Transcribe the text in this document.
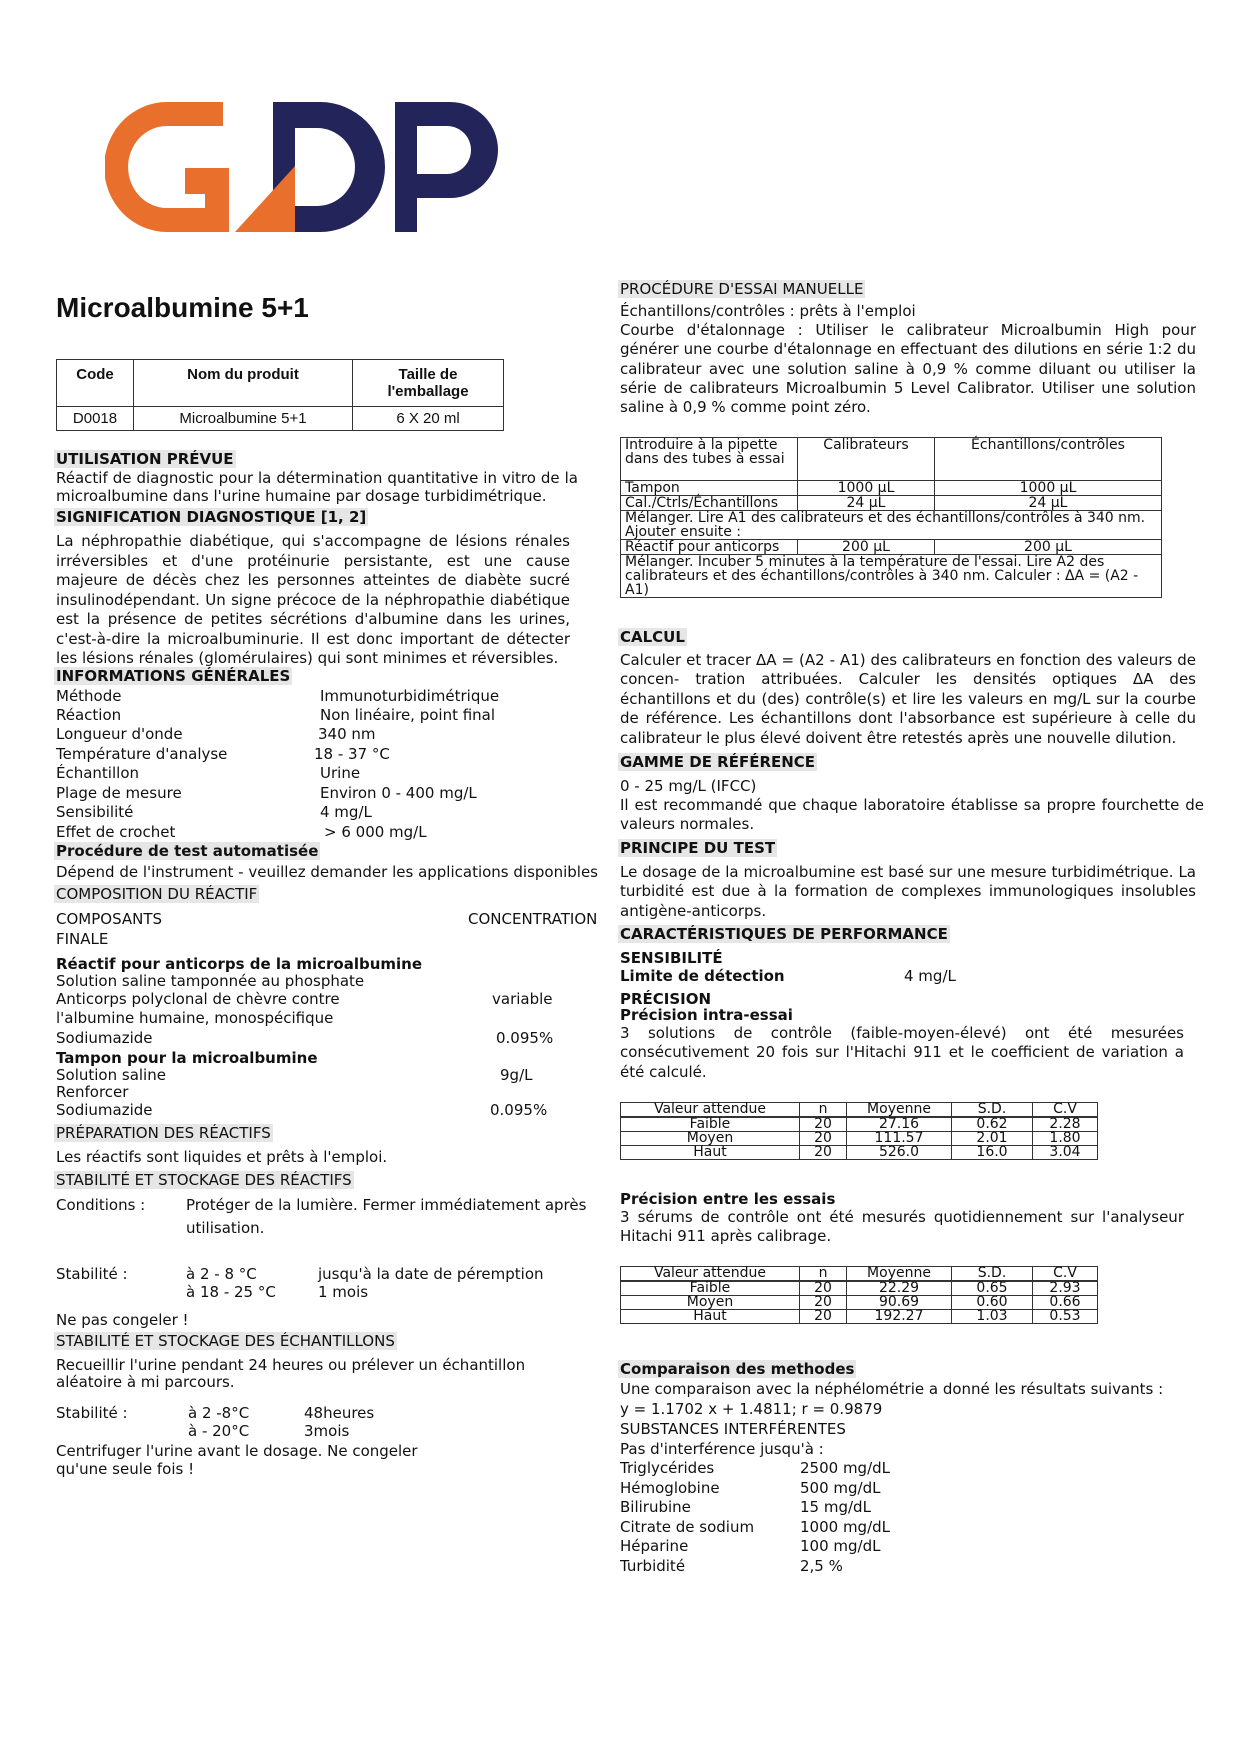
Microalbumine 5+1
Code	Nom du produit	Taille de l'emballage
D0018	Microalbumine 5+1	6 X 20 ml
UTILISATION PRÉVUE
Réactif de diagnostic pour la détermination quantitative in vitro de la microalbumine dans l'urine humaine par dosage turbidimétrique.
SIGNIFICATION DIAGNOSTIQUE [1, 2]
La néphropathie diabétique, qui s'accompagne de lésions rénales irréversibles et d'une protéinurie persistante, est une cause majeure de décès chez les personnes atteintes de diabète sucré insulinodépendant. Un signe précoce de la néphropathie diabétique est la présence de petites sécrétions d'albumine dans les urines, c'est-à-dire la microalbuminurie. Il est donc important de détecter les lésions rénales (glomérulaires) qui sont minimes et réversibles.
INFORMATIONS GÉNÉRALES
Méthode	Immunoturbidimétrique
Réaction	Non linéaire, point final
Longueur d'onde	340 nm
Température d'analyse	18 - 37 °C
Échantillon	Urine
Plage de mesure	Environ 0 - 400 mg/L
Sensibilité	4 mg/L
Effet de crochet	> 6 000 mg/L
Procédure de test automatisée
Dépend de l'instrument - veuillez demander les applications disponibles
COMPOSITION DU RÉACTIF
COMPOSANTS	CONCENTRATION
FINALE
Réactif pour anticorps de la microalbumine
Solution saline tamponnée au phosphate
Anticorps polyclonal de chèvre contre	variable
l'albumine humaine, monospécifique
Sodiumazide	0.095%
Tampon pour la microalbumine
Solution saline	9g/L
Renforcer
Sodiumazide	0.095%
PRÉPARATION DES RÉACTIFS
Les réactifs sont liquides et prêts à l'emploi.
STABILITÉ ET STOCKAGE DES RÉACTIFS
Conditions :	Protéger de la lumière. Fermer immédiatement après
utilisation.
Stabilité :	à 2 - 8 °C	jusqu'à la date de péremption
à 18 - 25 °C	1 mois
Ne pas congeler !
STABILITÉ ET STOCKAGE DES ÉCHANTILLONS
Recueillir l'urine pendant 24 heures ou prélever un échantillon
aléatoire à mi parcours.
Stabilité :	à 2 -8°C	48heures
à - 20°C	3mois
Centrifuger l'urine avant le dosage. Ne congeler
qu'une seule fois !
PROCÉDURE D'ESSAI MANUELLE
Échantillons/contrôles : prêts à l'emploi
Courbe d'étalonnage : Utiliser le calibrateur Microalbumin High pour générer une courbe d'étalonnage en effectuant des dilutions en série 1:2 du calibrateur avec une solution saline à 0,9 % comme diluant ou utiliser la série de calibrateurs Microalbumin 5 Level Calibrator. Utiliser une solution saline à 0,9 % comme point zéro.
Introduire à la pipette dans des tubes à essai	Calibrateurs	Échantillons/contrôles
Tampon	1000 µL	1000 µL
Cal./Ctrls/Échantillons	24 µL	24 µL
Mélanger. Lire A1 des calibrateurs et des échantillons/contrôles à 340 nm. Ajouter ensuite :		
Réactif pour anticorps	200 µL	200 µL
Mélanger. Incuber 5 minutes à la température de l'essai. Lire A2 des calibrateurs et des échantillons/contrôles à 340 nm. Calculer : ΔA = (A2 - A1)		
CALCUL
Calculer et tracer ΔA = (A2 - A1) des calibrateurs en fonction des valeurs de concen- tration attribuées. Calculer les densités optiques ΔA des échantillons et du (des) contrôle(s) et lire les valeurs en mg/L sur la courbe de référence. Les échantillons dont l'absorbance est supérieure à celle du calibrateur le plus élevé doivent être retestés après une nouvelle dilution.
GAMME DE RÉFÉRENCE
0 - 25 mg/L (IFCC)
Il est recommandé que chaque laboratoire établisse sa propre fourchette de valeurs normales.
PRINCIPE DU TEST
Le dosage de la microalbumine est basé sur une mesure turbidimétrique. La turbidité est due à la formation de complexes immunologiques insolubles antigène-anticorps.
CARACTÉRISTIQUES DE PERFORMANCE
SENSIBILITÉ
Limite de détection	4 mg/L
PRÉCISION
Précision intra-essai
3 solutions de contrôle (faible-moyen-élevé) ont été mesurées consécutivement 20 fois sur l'Hitachi 911 et le coefficient de variation a été calculé.
Valeur attendue	n	Moyenne	S.D.	C.V
Faible	20	27.16	0.62	2.28
Moyen	20	111.57	2.01	1.80
Haut	20	526.0	16.0	3.04
Précision entre les essais
3 sérums de contrôle ont été mesurés quotidiennement sur l'analyseur Hitachi 911 après calibrage.
Valeur attendue	n	Moyenne	S.D.	C.V
Faible	20	22.29	0.65	2.93
Moyen	20	90.69	0.60	0.66
Haut	20	192.27	1.03	0.53
Comparaison des methodes
Une comparaison avec la néphélométrie a donné les résultats suivants :
y = 1.1702 x + 1.4811; r = 0.9879
SUBSTANCES INTERFÉRENTES
Pas d'interférence jusqu'à :
Triglycérides	2500 mg/dL
Hémoglobine	500 mg/dL
Bilirubine	15 mg/dL
Citrate de sodium	1000 mg/dL
Héparine	100 mg/dL
Turbidité	2,5 %
